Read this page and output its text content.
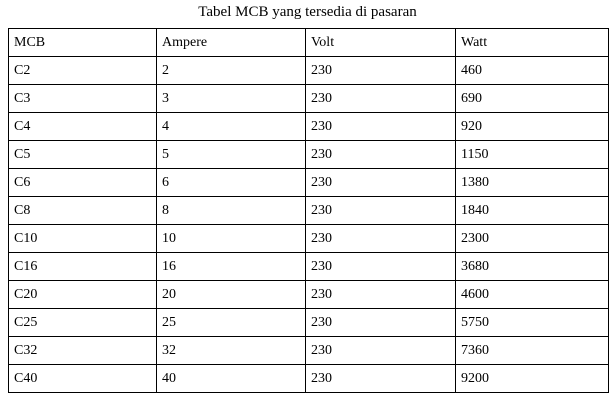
Tabel MCB yang tersedia di pasaran
MCB	Ampere	Volt	Watt
C2	2	230	460
C3	3	230	690
C4	4	230	920
C5	5	230	1150
C6	6	230	1380
C8	8	230	1840
C10	10	230	2300
C16	16	230	3680
C20	20	230	4600
C25	25	230	5750
C32	32	230	7360
C40	40	230	9200
